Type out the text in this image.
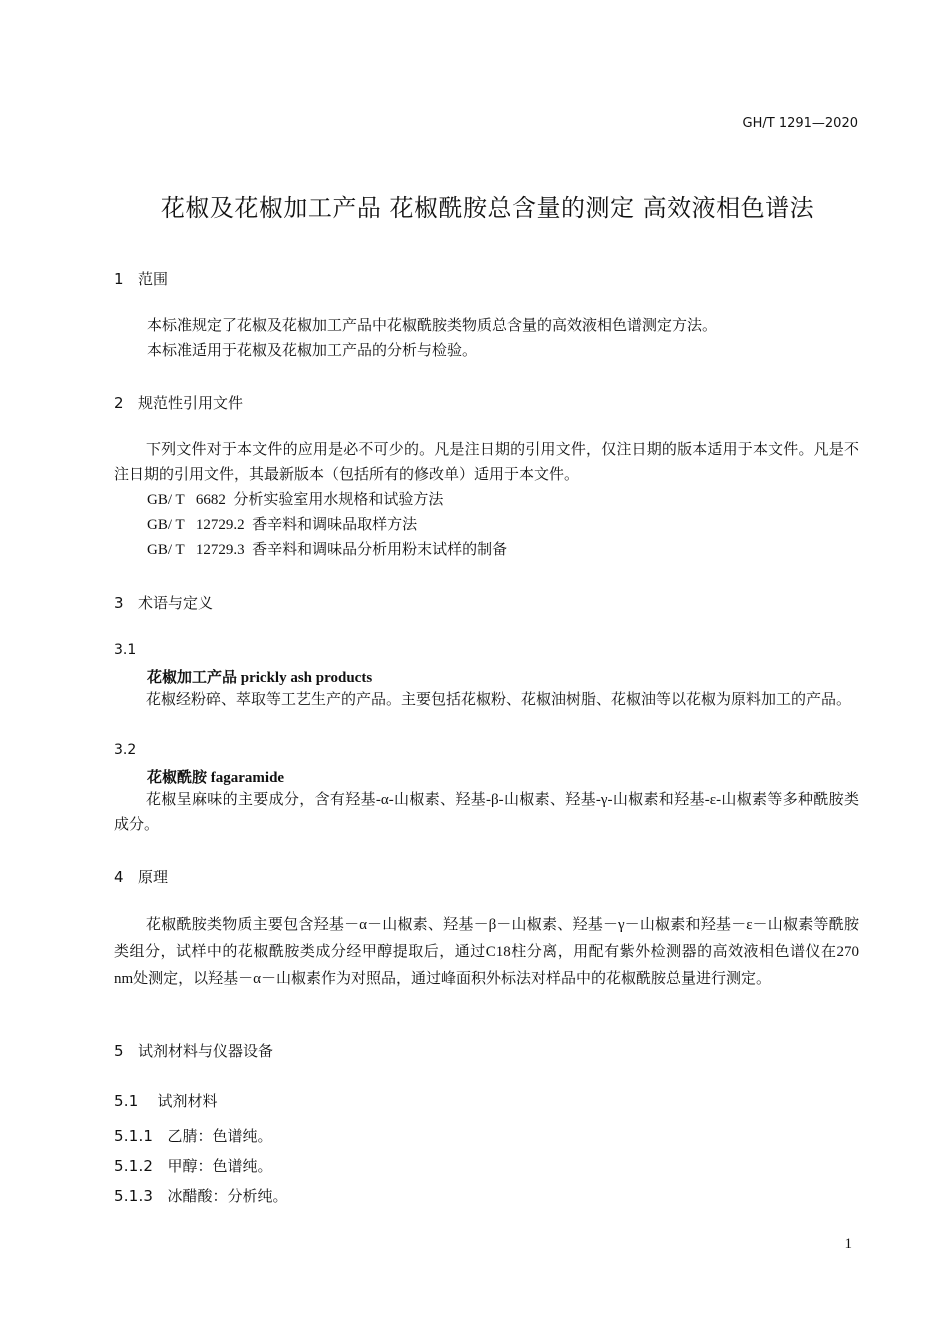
GH/T 1291—2020
花椒及花椒加工产品 花椒酰胺总含量的测定 高效液相色谱法
1 范围
本标准规定了花椒及花椒加工产品中花椒酰胺类物质总含量的高效液相色谱测定方法。
本标准适用于花椒及花椒加工产品的分析与检验。
2 规范性引用文件
下列文件对于本文件的应用是必不可少的。凡是注日期的引用文件，仅注日期的版本适用于本文件。凡是不注日期的引用文件，其最新版本（包括所有的修改单）适用于本文件。
GB/ T 6682 分析实验室用水规格和试验方法
GB/ T 12729.2 香辛料和调味品取样方法
GB/ T 12729.3 香辛料和调味品分析用粉末试样的制备
3 术语与定义
3.1
花椒加工产品 prickly ash products
花椒经粉碎、萃取等工艺生产的产品。主要包括花椒粉、花椒油树脂、花椒油等以花椒为原料加工的产品。
3.2
花椒酰胺 fagaramide
花椒呈麻味的主要成分，含有羟基-α-山椒素、羟基-β-山椒素、羟基-γ-山椒素和羟基-ε-山椒素等多种酰胺类成分。
4 原理
花椒酰胺类物质主要包含羟基－α－山椒素、羟基－β－山椒素、羟基－γ－山椒素和羟基－ε－山椒素等酰胺类组分，试样中的花椒酰胺类成分经甲醇提取后，通过C18柱分离，用配有紫外检测器的高效液相色谱仪在270 nm处测定，以羟基－α－山椒素作为对照品，通过峰面积外标法对样品中的花椒酰胺总量进行测定。
5 试剂材料与仪器设备
5.1 试剂材料
5.1.1 乙腈：色谱纯。
5.1.2 甲醇：色谱纯。
5.1.3 冰醋酸：分析纯。
1
